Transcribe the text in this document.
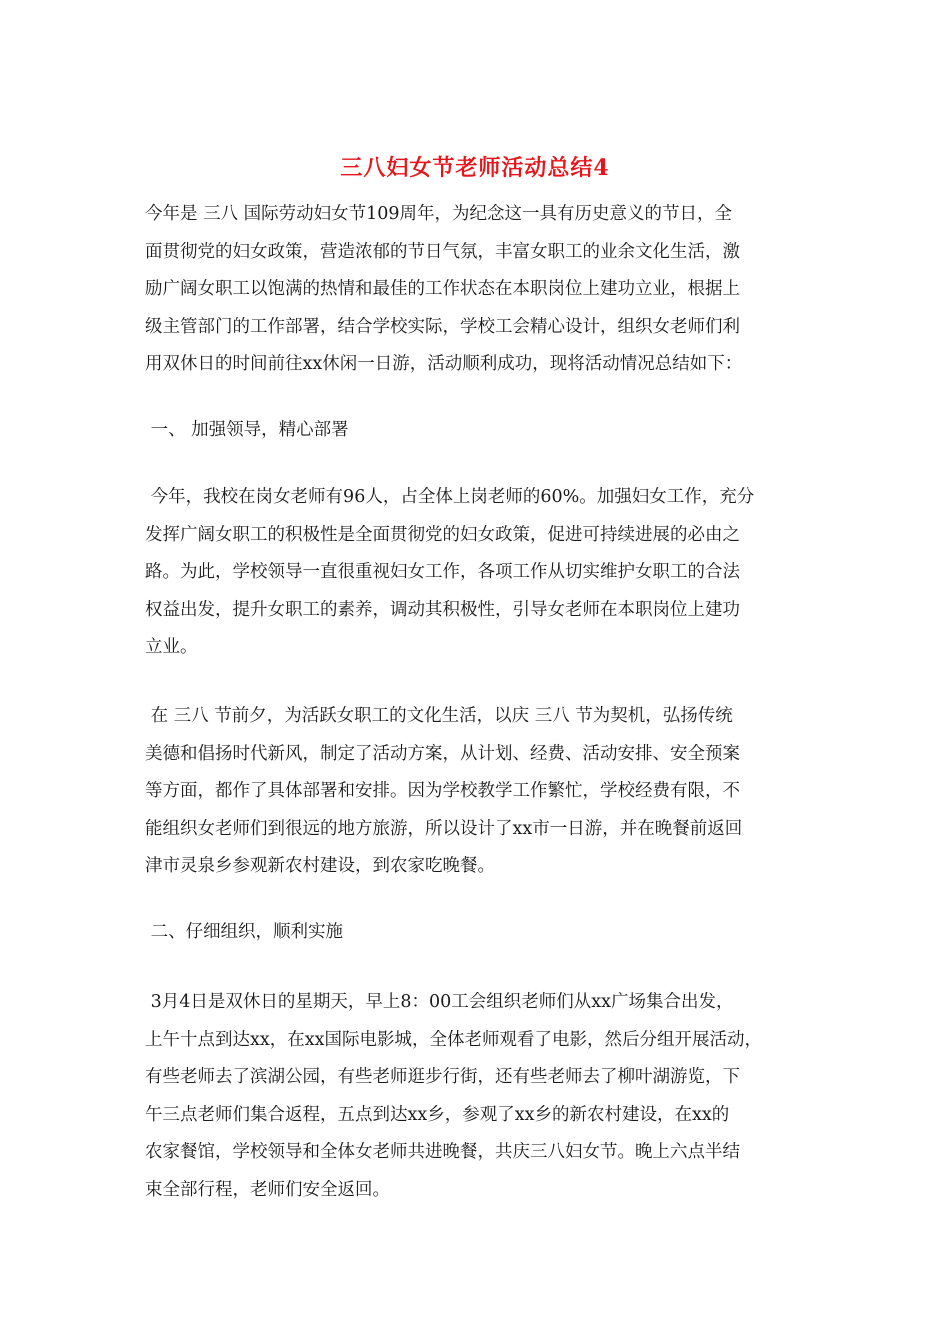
三八妇女节老师活动总结4
今年是 三八 国际劳动妇女节109周年，为纪念这一具有历史意义的节日，全
面贯彻党的妇女政策，营造浓郁的节日气氛，丰富女职工的业余文化生活，激
励广阔女职工以饱满的热情和最佳的工作状态在本职岗位上建功立业，根据上
级主管部门的工作部署，结合学校实际，学校工会精心设计，组织女老师们利
用双休日的时间前往xx休闲一日游，活动顺利成功，现将活动情况总结如下：
一、 加强领导，精心部署
今年，我校在岗女老师有96人，占全体上岗老师的60%。加强妇女工作，充分
发挥广阔女职工的积极性是全面贯彻党的妇女政策，促进可持续进展的必由之
路。为此，学校领导一直很重视妇女工作，各项工作从切实维护女职工的合法
权益出发，提升女职工的素养，调动其积极性，引导女老师在本职岗位上建功
立业。
在 三八 节前夕，为活跃女职工的文化生活，以庆 三八 节为契机，弘扬传统
美德和倡扬时代新风，制定了活动方案，从计划、经费、活动安排、安全预案
等方面，都作了具体部署和安排。因为学校教学工作繁忙，学校经费有限，不
能组织女老师们到很远的地方旅游，所以设计了xx市一日游，并在晚餐前返回
津市灵泉乡参观新农村建设，到农家吃晚餐。
二、仔细组织，顺利实施
3月4日是双休日的星期天，早上8：00工会组织老师们从xx广场集合出发，
上午十点到达xx，在xx国际电影城，全体老师观看了电影，然后分组开展活动，
有些老师去了滨湖公园，有些老师逛步行街，还有些老师去了柳叶湖游览，下
午三点老师们集合返程，五点到达xx乡，参观了xx乡的新农村建设，在xx的
农家餐馆，学校领导和全体女老师共进晚餐，共庆三八妇女节。晚上六点半结
束全部行程，老师们安全返回。
